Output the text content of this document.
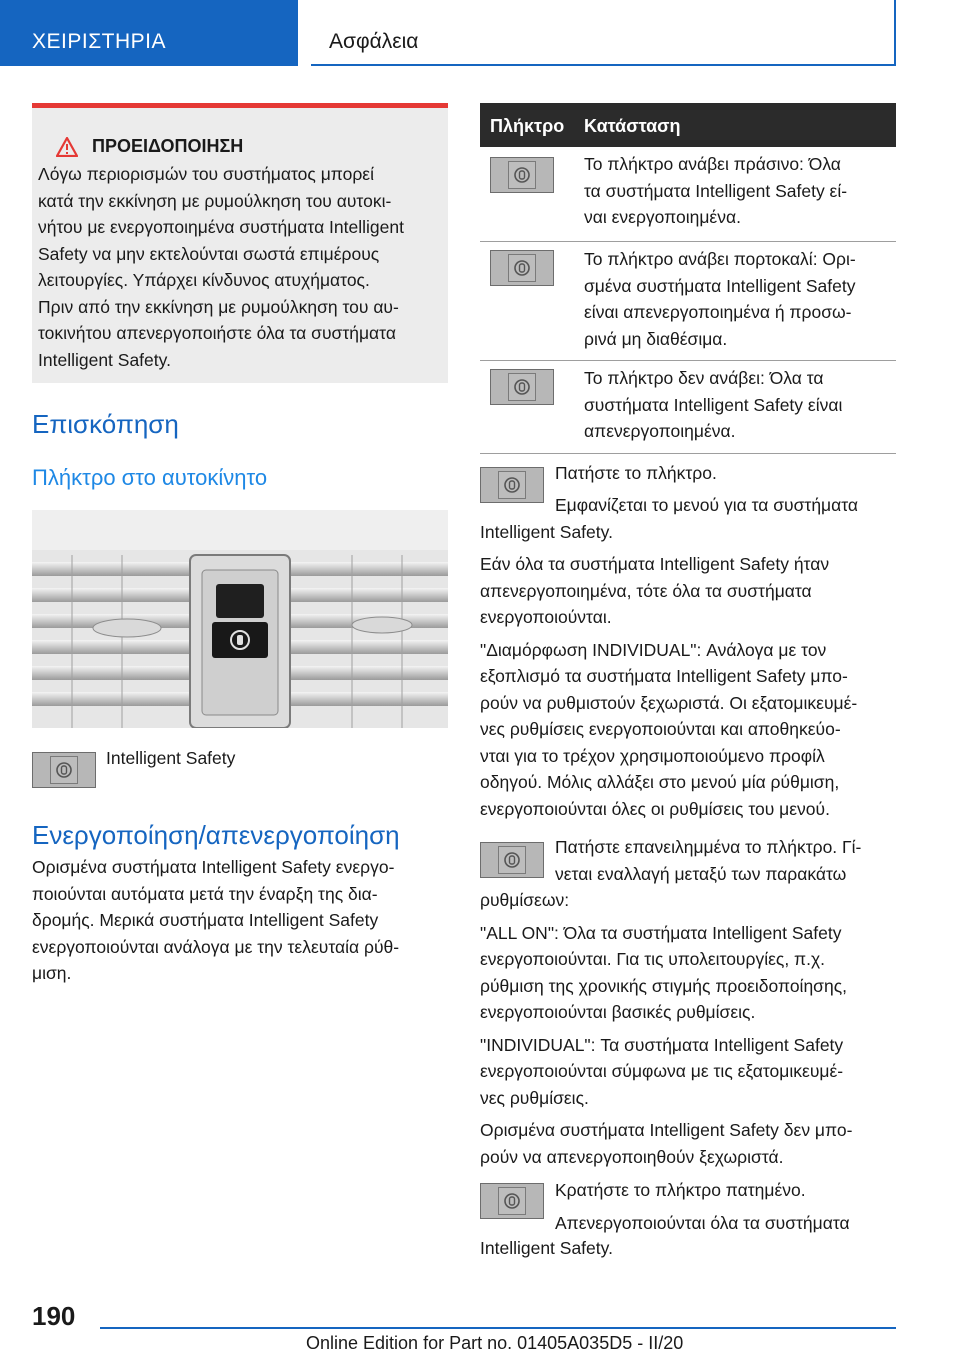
ΧΕΙΡΙΣΤΗΡΙΑ	Ασφάλεια
ΠΡΟΕΙΔΟΠΟΙΗΣΗ
Λόγω περιορισμών του συστήματος μπορεί
κατά την εκκίνηση με ρυμούλκηση του αυτοκι-
νήτου με ενεργοποιημένα συστήματα Intelligent
Safety να μην εκτελούνται σωστά επιμέρους
λειτουργίες. Υπάρχει κίνδυνος ατυχήματος.
Πριν από την εκκίνηση με ρυμούλκηση του αυ-
τοκινήτου απενεργοποιήστε όλα τα συστήματα
Intelligent Safety.
Επισκόπηση
Πλήκτρο στο αυτοκίνητο
Intelligent Safety
Ενεργοποίηση/απενεργοποίηση
Ορισμένα συστήματα Intelligent Safety ενεργο-
ποιούνται αυτόματα μετά την έναρξη της δια-
δρομής. Μερικά συστήματα Intelligent Safety
ενεργοποιούνται ανάλογα με την τελευταία ρύθ-
μιση.
Πλήκτρο Κατάσταση
Το πλήκτρο ανάβει πράσινο: Όλα
τα συστήματα Intelligent Safety εί-
ναι ενεργοποιημένα.
Το πλήκτρο ανάβει πορτοκαλί: Ορι-
σμένα συστήματα Intelligent Safety
είναι απενεργοποιημένα ή προσω-
ρινά μη διαθέσιμα.
Το πλήκτρο δεν ανάβει: Όλα τα
συστήματα Intelligent Safety είναι
απενεργοποιημένα.
Πατήστε το πλήκτρο.
Εμφανίζεται το μενού για τα συστήματα
Intelligent Safety.
Εάν όλα τα συστήματα Intelligent Safety ήταν
απενεργοποιημένα, τότε όλα τα συστήματα
ενεργοποιούνται.
"Διαμόρφωση INDIVIDUAL": Ανάλογα με τον
εξοπλισμό τα συστήματα Intelligent Safety μπο-
ρούν να ρυθμιστούν ξεχωριστά. Οι εξατομικευμέ-
νες ρυθμίσεις ενεργοποιούνται και αποθηκεύο-
νται για το τρέχον χρησιμοποιούμενο προφίλ
οδηγού. Μόλις αλλάξει στο μενού μία ρύθμιση,
ενεργοποιούνται όλες οι ρυθμίσεις του μενού.
Πατήστε επανειλημμένα το πλήκτρο. Γί-
νεται εναλλαγή μεταξύ των παρακάτω
ρυθμίσεων:
"ALL ON": Όλα τα συστήματα Intelligent Safety
ενεργοποιούνται. Για τις υπολειτουργίες, π.χ.
ρύθμιση της χρονικής στιγμής προειδοποίησης,
ενεργοποιούνται βασικές ρυθμίσεις.
"INDIVIDUAL": Τα συστήματα Intelligent Safety
ενεργοποιούνται σύμφωνα με τις εξατομικευμέ-
νες ρυθμίσεις.
Ορισμένα συστήματα Intelligent Safety δεν μπο-
ρούν να απενεργοποιηθούν ξεχωριστά.
Κρατήστε το πλήκτρο πατημένο.
Απενεργοποιούνται όλα τα συστήματα
Intelligent Safety.
190
Online Edition for Part no. 01405A035D5 - II/20
